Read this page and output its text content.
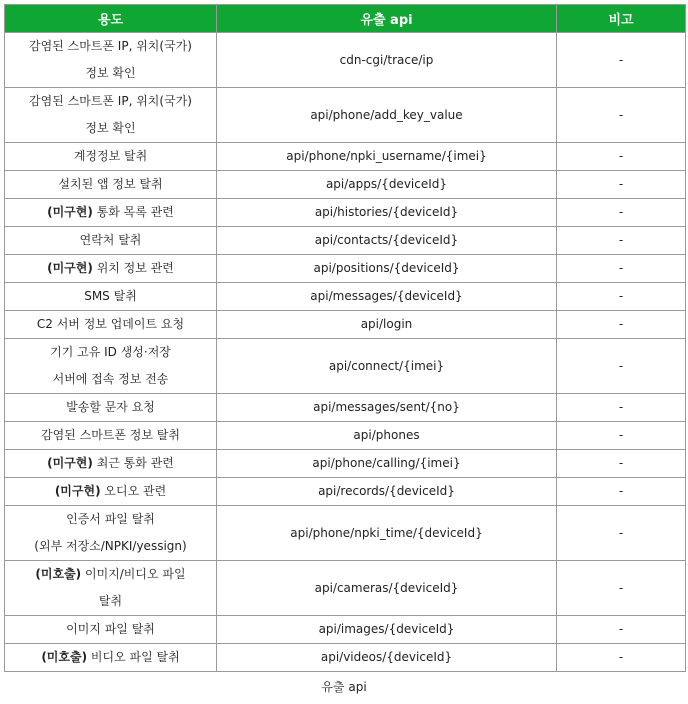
용도	유출 api	비고

감염된 스마트폰 IP, 위치(국가)
정보 확인	cdn-cgi/trace/ip	-

감염된 스마트폰 IP, 위치(국가)
정보 확인	api/phone/add_key_value	-
계정정보 탈취	api/phone/npki_username/{imei}	-
설치된 앱 정보 탈취	api/apps/{deviceId}	-
(미구현) 통화 목록 관련	api/histories/{deviceId}	-
연락처 탈취	api/contacts/{deviceId}	-
(미구현) 위치 정보 관련	api/positions/{deviceId}	-
SMS 탈취	api/messages/{deviceId}	-
C2 서버 정보 업데이트 요청	api/login	-

기기 고유 ID 생성·저장
서버에 접속 정보 전송	api/connect/{imei}	-
발송할 문자 요청	api/messages/sent/{no}	-
감염된 스마트폰 정보 탈취	api/phones	-
(미구현) 최근 통화 관련	api/phone/calling/{imei}	-
(미구현) 오디오 관련	api/records/{deviceId}	-

인증서 파일 탈취
(외부 저장소/NPKI/yessign)	api/phone/npki_time/{deviceId}	-

(미호출) 이미지/비디오 파일
탈취	api/cameras/{deviceId}	-
이미지 파일 탈취	api/images/{deviceId}	-
(미호출) 비디오 파일 탈취	api/videos/{deviceId}	-
유출 api
